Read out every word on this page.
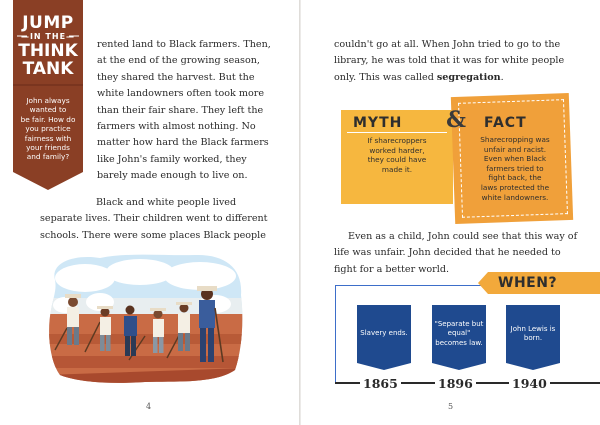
JUMP
—IN THE—
THINK
TANK
John always
wanted to
be fair. How do
you practice
fairness with
your friends
and family?
rented land to Black farmers. Then,
at the end of the growing season,
they shared the harvest. But the
white landowners often took more
than their fair share. They left the
farmers with almost nothing. No
matter how hard the Black farmers
like John's family worked, they
barely made enough to live on.
Black and white people lived
separate lives. Their children went to different
schools. There were some places Black people
4
couldn't go at all. When John tried to go to the
library, he was told that it was for white people
only. This was called segregation.
MYTH & FACT
If sharecroppers
worked harder,
they could have
made it.
Sharecropping was
unfair and racist.
Even when Black
farmers tried to
fight back, the
laws protected the
white landowners.
Even as a child, John could see that this way of
life was unfair. John decided that he needed to
fight for a better world.
WHEN?
Slavery ends.
"Separate but equal" becomes law.
John Lewis is born.
1865	1896	1940
5
